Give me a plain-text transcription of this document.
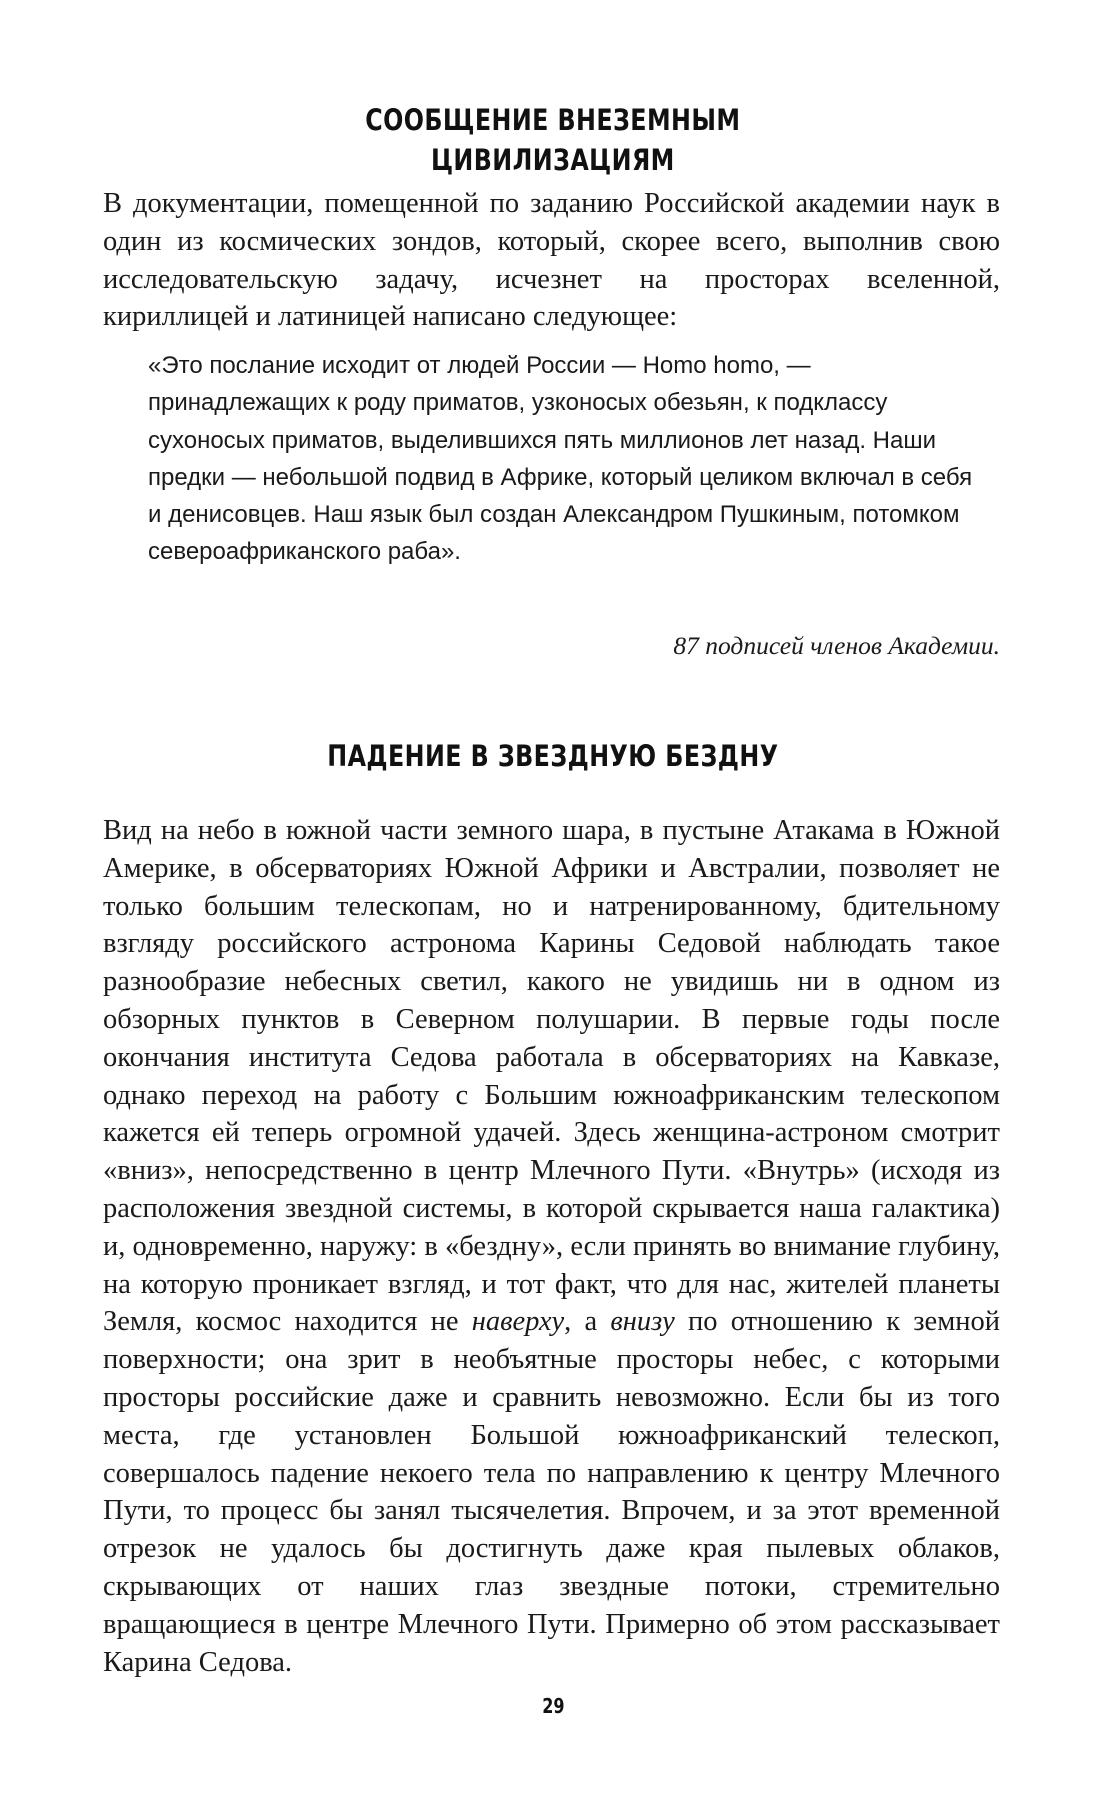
СООБЩЕНИЕ ВНЕЗЕМНЫМ
ЦИВИЛИЗАЦИЯМ
В документации, помещенной по заданию Российской академии наук в один из космических зондов, который, скорее всего, выполнив свою исследовательскую задачу, исчезнет на просторах вселенной, кириллицей и латиницей написано следующее:
«Это послание исходит от людей России — Homo homo, — принадлежащих к роду приматов, узконосых обезьян, к подклассу сухоносых приматов, выделившихся пять миллионов лет назад. Наши предки — небольшой подвид в Африке, который целиком включал в себя и денисовцев. Наш язык был создан Александром Пушкиным, потомком североафриканского раба».
87 подписей членов Академии.
ПАДЕНИЕ В ЗВЕЗДНУЮ БЕЗДНУ
Вид на небо в южной части земного шара, в пустыне Атакама в Южной Америке, в обсерваториях Южной Африки и Австралии, позволяет не только большим телескопам, но и натренированному, бдительному взгляду российского астронома Карины Седовой наблюдать такое разнообразие небесных светил, какого не увидишь ни в одном из обзорных пунктов в Северном полушарии. В первые годы после окончания института Седова работала в обсерваториях на Кавказе, однако переход на работу с Большим южноафриканским телескопом кажется ей теперь огромной удачей. Здесь женщина-астроном смотрит «вниз», непосредственно в центр Млечного Пути. «Внутрь» (исходя из расположения звездной системы, в которой скрывается наша галактика) и, одновременно, наружу: в «бездну», если принять во внимание глубину, на которую проникает взгляд, и тот факт, что для нас, жителей планеты Земля, космос находится не наверху, а внизу по отношению к земной поверхности; она зрит в необъятные просторы небес, с которыми просторы российские даже и сравнить невозможно. Если бы из того места, где установлен Большой южноафриканский телескоп, совершалось падение некоего тела по направлению к центру Млечного Пути, то процесс бы занял тысячелетия. Впрочем, и за этот временной отрезок не удалось бы достигнуть даже края пылевых облаков, скрывающих от наших глаз звездные потоки, стремительно вращающиеся в центре Млечного Пути. Примерно об этом рассказывает Карина Седова.
29
